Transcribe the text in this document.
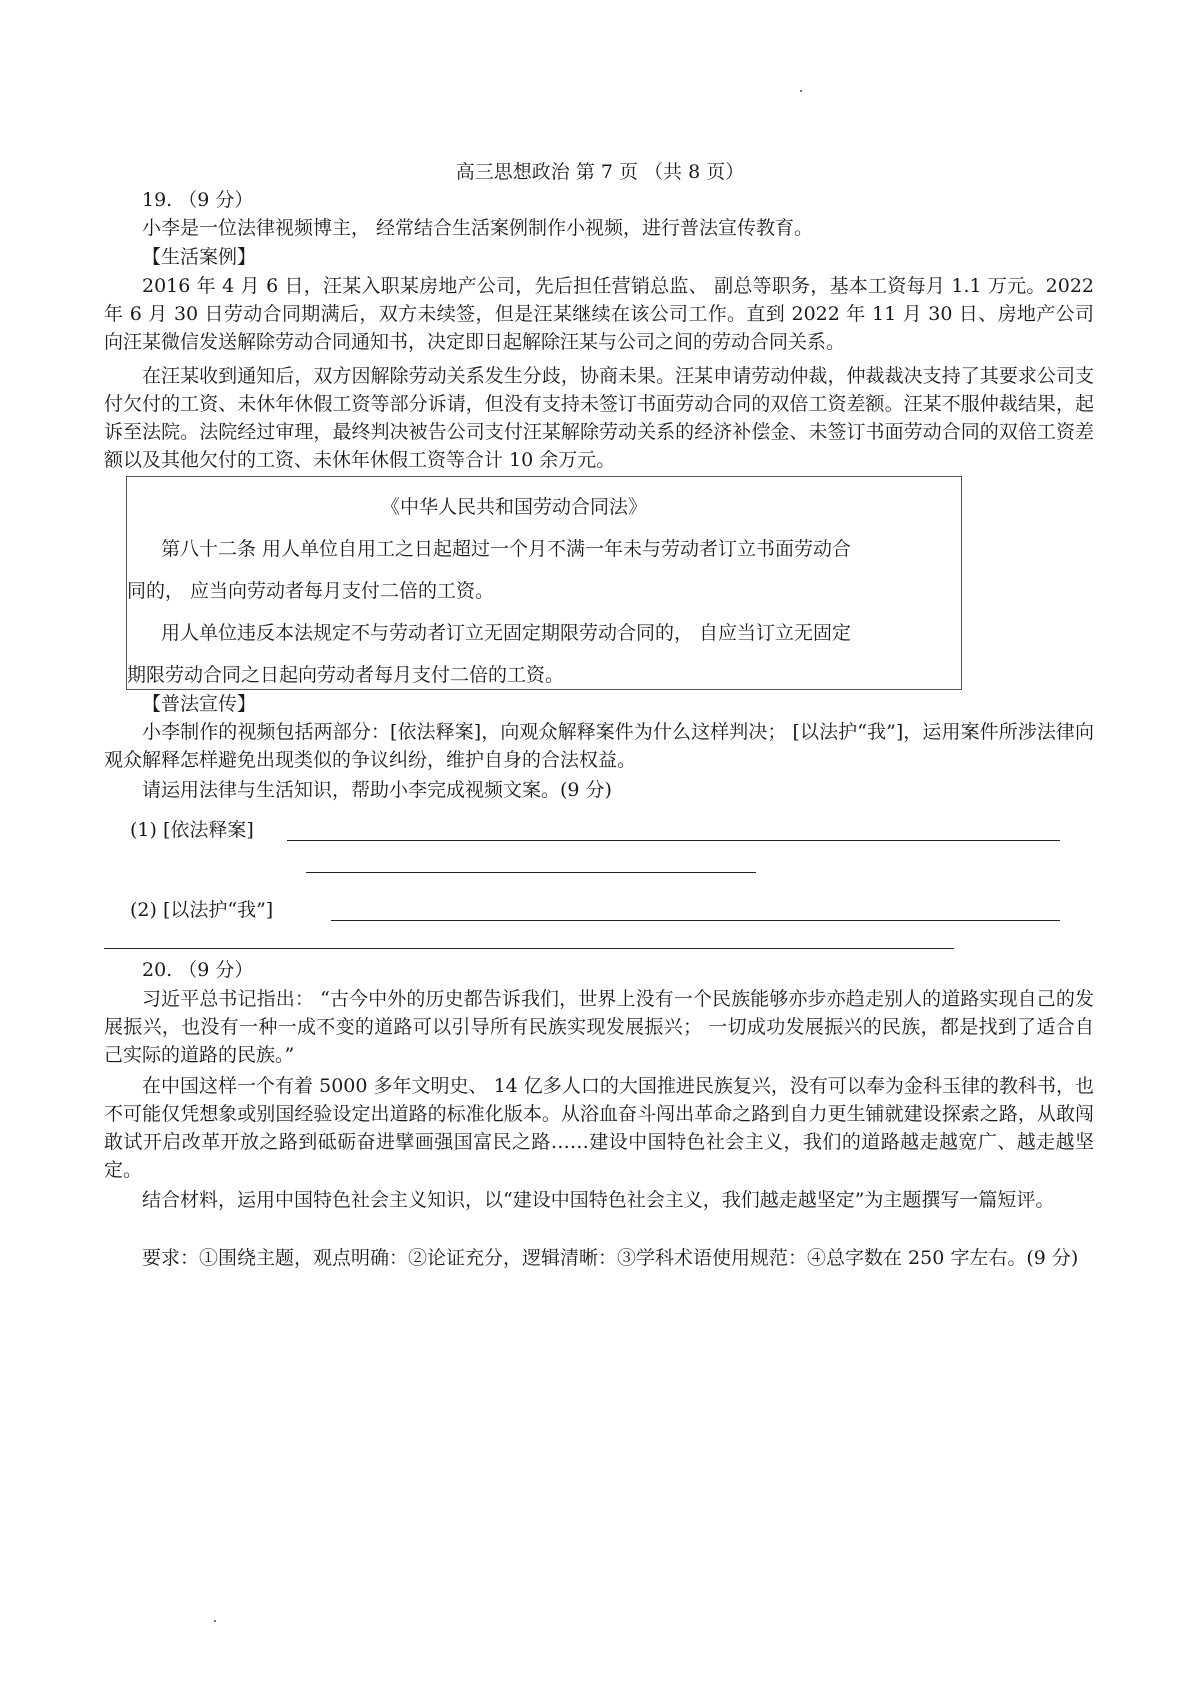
高三思想政治 第 7 页 （共 8 页）
19. （9 分）
小李是一位法律视频博主， 经常结合生活案例制作小视频，进行普法宣传教育。
【生活案例】
2016 年 4 月 6 日，汪某入职某房地产公司，先后担任营销总监、 副总等职务，基本工资每月 1.1 万元。2022 年 6 月 30 日劳动合同期满后，双方未续签，但是汪某继续在该公司工作。直到 2022 年 11 月 30 日、房地产公司向汪某微信发送解除劳动合同通知书，决定即日起解除汪某与公司之间的劳动合同关系。
在汪某收到通知后，双方因解除劳动关系发生分歧，协商未果。汪某申请劳动仲裁，仲裁裁决支持了其要求公司支付欠付的工资、未休年休假工资等部分诉请，但没有支持未签订书面劳动合同的双倍工资差额。汪某不服仲裁结果，起诉至法院。法院经过审理，最终判决被告公司支付汪某解除劳动关系的经济补偿金、未签订书面劳动合同的双倍工资差额以及其他欠付的工资、未休年休假工资等合计 10 余万元。
《中华人民共和国劳动合同法》
第八十二条 用人单位自用工之日起超过一个月不满一年未与劳动者订立书面劳动合
同的， 应当向劳动者每月支付二倍的工资。
用人单位违反本法规定不与劳动者订立无固定期限劳动合同的， 自应当订立无固定
期限劳动合同之日起向劳动者每月支付二倍的工资。
【普法宣传】
小李制作的视频包括两部分：[依法释案]，向观众解释案件为什么这样判决； [以法护“我”]，运用案件所涉法律向观众解释怎样避免出现类似的争议纠纷，维护自身的合法权益。
请运用法律与生活知识，帮助小李完成视频文案。(9 分)
(1) [依法释案]
(2) [以法护“我”]
20. （9 分）
习近平总书记指出： “古今中外的历史都告诉我们，世界上没有一个民族能够亦步亦趋走别人的道路实现自己的发展振兴，也没有一种一成不变的道路可以引导所有民族实现发展振兴； 一切成功发展振兴的民族，都是找到了适合自己实际的道路的民族。”
在中国这样一个有着 5000 多年文明史、 14 亿多人口的大国推进民族复兴，没有可以奉为金科玉律的教科书，也不可能仅凭想象或别国经验设定出道路的标准化版本。从浴血奋斗闯出革命之路到自力更生铺就建设探索之路，从敢闯敢试开启改革开放之路到砥砺奋进擘画强国富民之路……建设中国特色社会主义，我们的道路越走越宽广、越走越坚定。
结合材料，运用中国特色社会主义知识，以“建设中国特色社会主义，我们越走越坚定”为主题撰写一篇短评。
要求：①围绕主题，观点明确：②论证充分，逻辑清晰：③学科术语使用规范：④总字数在 250 字左右。(9 分)
